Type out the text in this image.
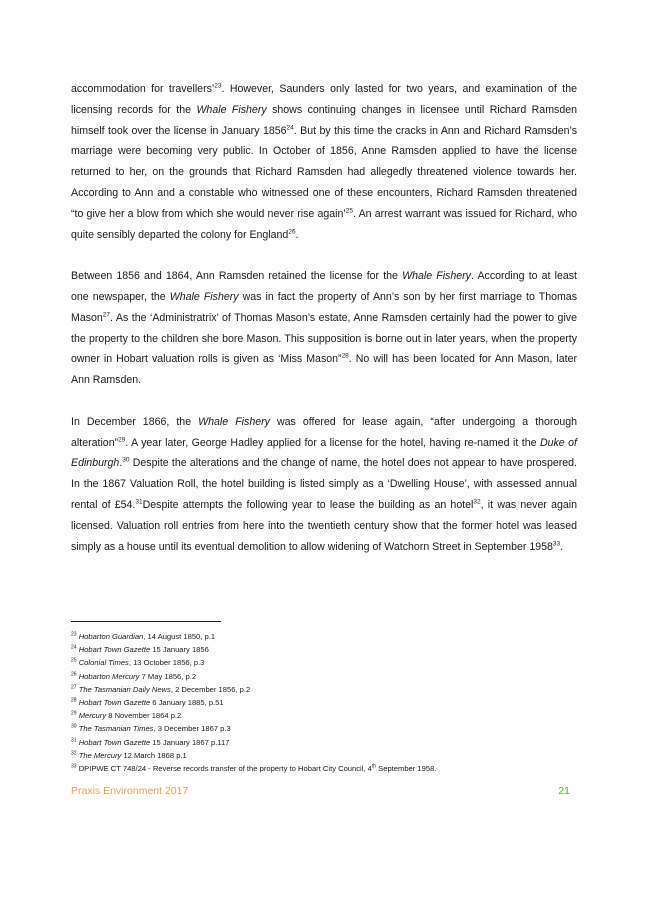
accommodation for travellers’$^{23}$. However, Saunders only lasted for two years, and examination of the licensing records for the Whale Fishery shows continuing changes in licensee until Richard Ramsden himself took over the license in January 1856$^{24}$. But by this time the cracks in Ann and Richard Ramsden’s marriage were becoming very public. In October of 1856, Anne Ramsden applied to have the license returned to her, on the grounds that Richard Ramsden had allegedly threatened violence towards her. According to Ann and a constable who witnessed one of these encounters, Richard Ramsden threatened “to give her a blow from which she would never rise again’$^{25}$. An arrest warrant was issued for Richard, who quite sensibly departed the colony for England$^{26}$.

Between 1856 and 1864, Ann Ramsden retained the license for the Whale Fishery. According to at least one newspaper, the Whale Fishery was in fact the property of Ann’s son by her first marriage to Thomas Mason$^{27}$. As the ‘Administratrix’ of Thomas Mason’s estate, Anne Ramsden certainly had the power to give the property to the children she bore Mason. This supposition is borne out in later years, when the property owner in Hobart valuation rolls is given as ‘Miss Mason”$^{28}$. No will has been located for Ann Mason, later Ann Ramsden.

In December 1866, the Whale Fishery was offered for lease again, “after undergoing a thorough alteration”$^{29}$. A year later, George Hadley applied for a license for the hotel, having re-named it the Duke of Edinburgh.$^{30}$ Despite the alterations and the change of name, the hotel does not appear to have prospered. In the 1867 Valuation Roll, the hotel building is listed simply as a ‘Dwelling House’, with assessed annual rental of £54.31Despite attempts the following year to lease the building as an hotel$^{32}$, it was never again licensed. Valuation roll entries from here into the twentieth century show that the former hotel was leased simply as a house until its eventual demolition to allow widening of Watchorn Street in September 1958$^{33}$.

$^{23}$ Hobarton Guardian, 14 August 1850, p.1
$^{24}$ Hobart Town Gazette 15 January 1856
$^{25}$ Colonial Times, 13 October 1856, p.3
$^{26}$ Hobarton Mercury 7 May 1856, p.2
$^{27}$ The Tasmanian Daily News, 2 December 1856, p.2
$^{28}$ Hobart Town Gazette 6 January 1885, p.51
$^{29}$ Mercury 8 November 1864 p.2
$^{30}$ The Tasmanian Times, 3 December 1867 p.3
$^{31}$ Hobart Town Gazette 15 January 1867 p.117
$^{32}$ The Mercury 12 March 1868 p.1
$^{33}$ DPIPWE CT 748/24 - Reverse records transfer of the property to Hobart City Council, 4th September 1958.
Praxis Environment 2017	21
